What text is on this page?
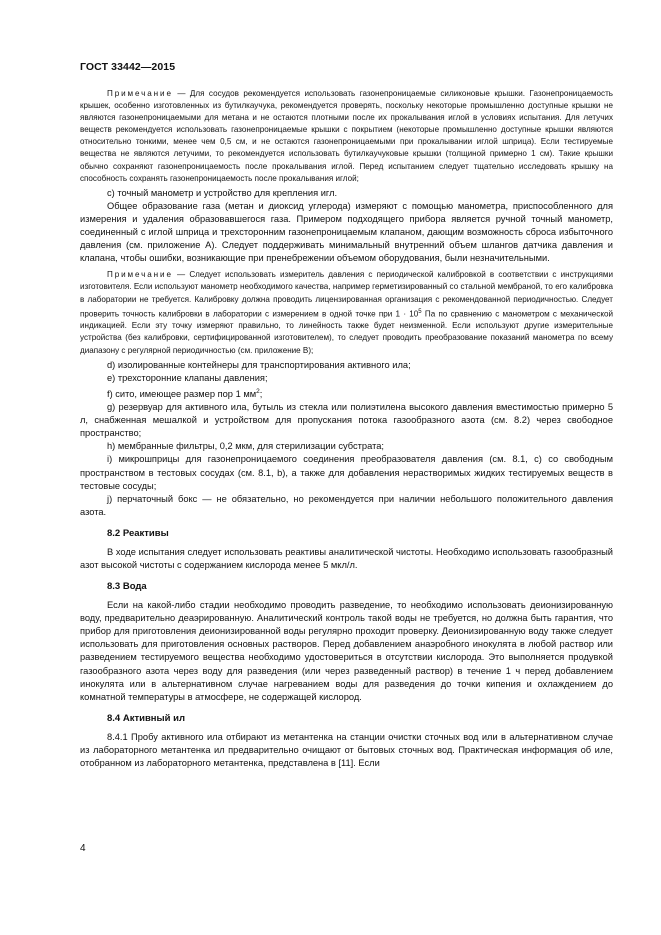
ГОСТ 33442—2015

Примечание — Для сосудов рекомендуется использовать газонепроницаемые силиконовые крышки. Газонепроницаемость крышек, особенно изготовленных из бутилкаучука, рекомендуется проверять, поскольку некоторые промышленно доступные крышки не являются газонепроницаемыми для метана и не остаются плотными после их прокалывания иглой в условиях испытания. Для летучих веществ рекомендуется использовать газонепроницаемые крышки с покрытием (некоторые промышленно доступные крышки являются относительно тонкими, менее чем 0,5 см, и не остаются газонепроницаемыми при прокалывании иглой шприца). Если тестируемые вещества не являются летучими, то рекомендуется использовать бутилкаучуковые крышки (толщиной примерно 1 см). Такие крышки обычно сохраняют газонепроницаемость после прокалывания иглой. Перед испытанием следует тщательно исследовать крышку на способность сохранять газонепроницаемость после прокалывания иглой;

с) точный манометр и устройство для крепления игл.

Общее образование газа (метан и диоксид углерода) измеряют с помощью манометра, приспособленного для измерения и удаления образовавшегося газа. Примером подходящего прибора является ручной точный манометр, соединенный с иглой шприца и трехсторонним газонепроницаемым клапаном, дающим возможность сброса избыточного давления (см. приложение А). Следует поддерживать минимальный внутренний объем шлангов датчика давления и клапана, чтобы ошибки, возникающие при пренебрежении объемом оборудования, были незначительными.

Примечание — Следует использовать измеритель давления с периодической калибровкой в соответствии с инструкциями изготовителя. Если используют манометр необходимого качества, например герметизированный со стальной мембраной, то его калибровка в лаборатории не требуется. Калибровку должна проводить лицензированная организация с рекомендованной периодичностью. Следует проверить точность калибровки в лаборатории с измерением в одной точке при $1 \cdot 10^5$ Па по сравнению с манометром с механической индикацией. Если эту точку измеряют правильно, то линейность также будет неизменной. Если используют другие измерительные устройства (без калибровки, сертифицированной изготовителем), то следует проводить преобразование показаний манометра по всему диапазону с регулярной периодичностью (см. приложение В);

d) изолированные контейнеры для транспортирования активного ила;

е) трехсторонние клапаны давления;

f) сито, имеющее размер пор 1 $мм^2$;

g) резервуар для активного ила, бутыль из стекла или полиэтилена высокого давления вместимостью примерно 5 л, снабженная мешалкой и устройством для пропускания потока газообразного азота (см. 8.2) через свободное пространство;

h) мембранные фильтры, 0,2 мкм, для стерилизации субстрата;

i) микрошприцы для газонепроницаемого соединения преобразователя давления (см. 8.1, с) со свободным пространством в тестовых сосудах (см. 8.1, b), а также для добавления нерастворимых жидких тестируемых веществ в тестовые сосуды;

j) перчаточный бокс — не обязательно, но рекомендуется при наличии небольшого положительного давления азота.

8.2 Реактивы

В ходе испытания следует использовать реактивы аналитической чистоты. Необходимо использовать газообразный азот высокой чистоты с содержанием кислорода менее 5 мкл/л.

8.3 Вода

Если на какой-либо стадии необходимо проводить разведение, то необходимо использовать деионизированную воду, предварительно деаэрированную. Аналитический контроль такой воды не требуется, но должна быть гарантия, что прибор для приготовления деионизированной воды регулярно проходит проверку. Деионизированную воду также следует использовать для приготовления основных растворов. Перед добавлением анаэробного инокулята в любой раствор или разведением тестируемого вещества необходимо удостовериться в отсутствии кислорода. Это выполняется продувкой газообразного азота через воду для разведения (или через разведенный раствор) в течение 1 ч перед добавлением инокулята или в альтернативном случае нагреванием воды для разведения до точки кипения и охлаждением до комнатной температуры в атмосфере, не содержащей кислород.

8.4 Активный ил

8.4.1 Пробу активного ила отбирают из метантенка на станции очистки сточных вод или в альтернативном случае из лабораторного метантенка ил предварительно очищают от бытовых сточных вод. Практическая информация об иле, отобранном из лабораторного метантенка, представлена в [11]. Если

4
